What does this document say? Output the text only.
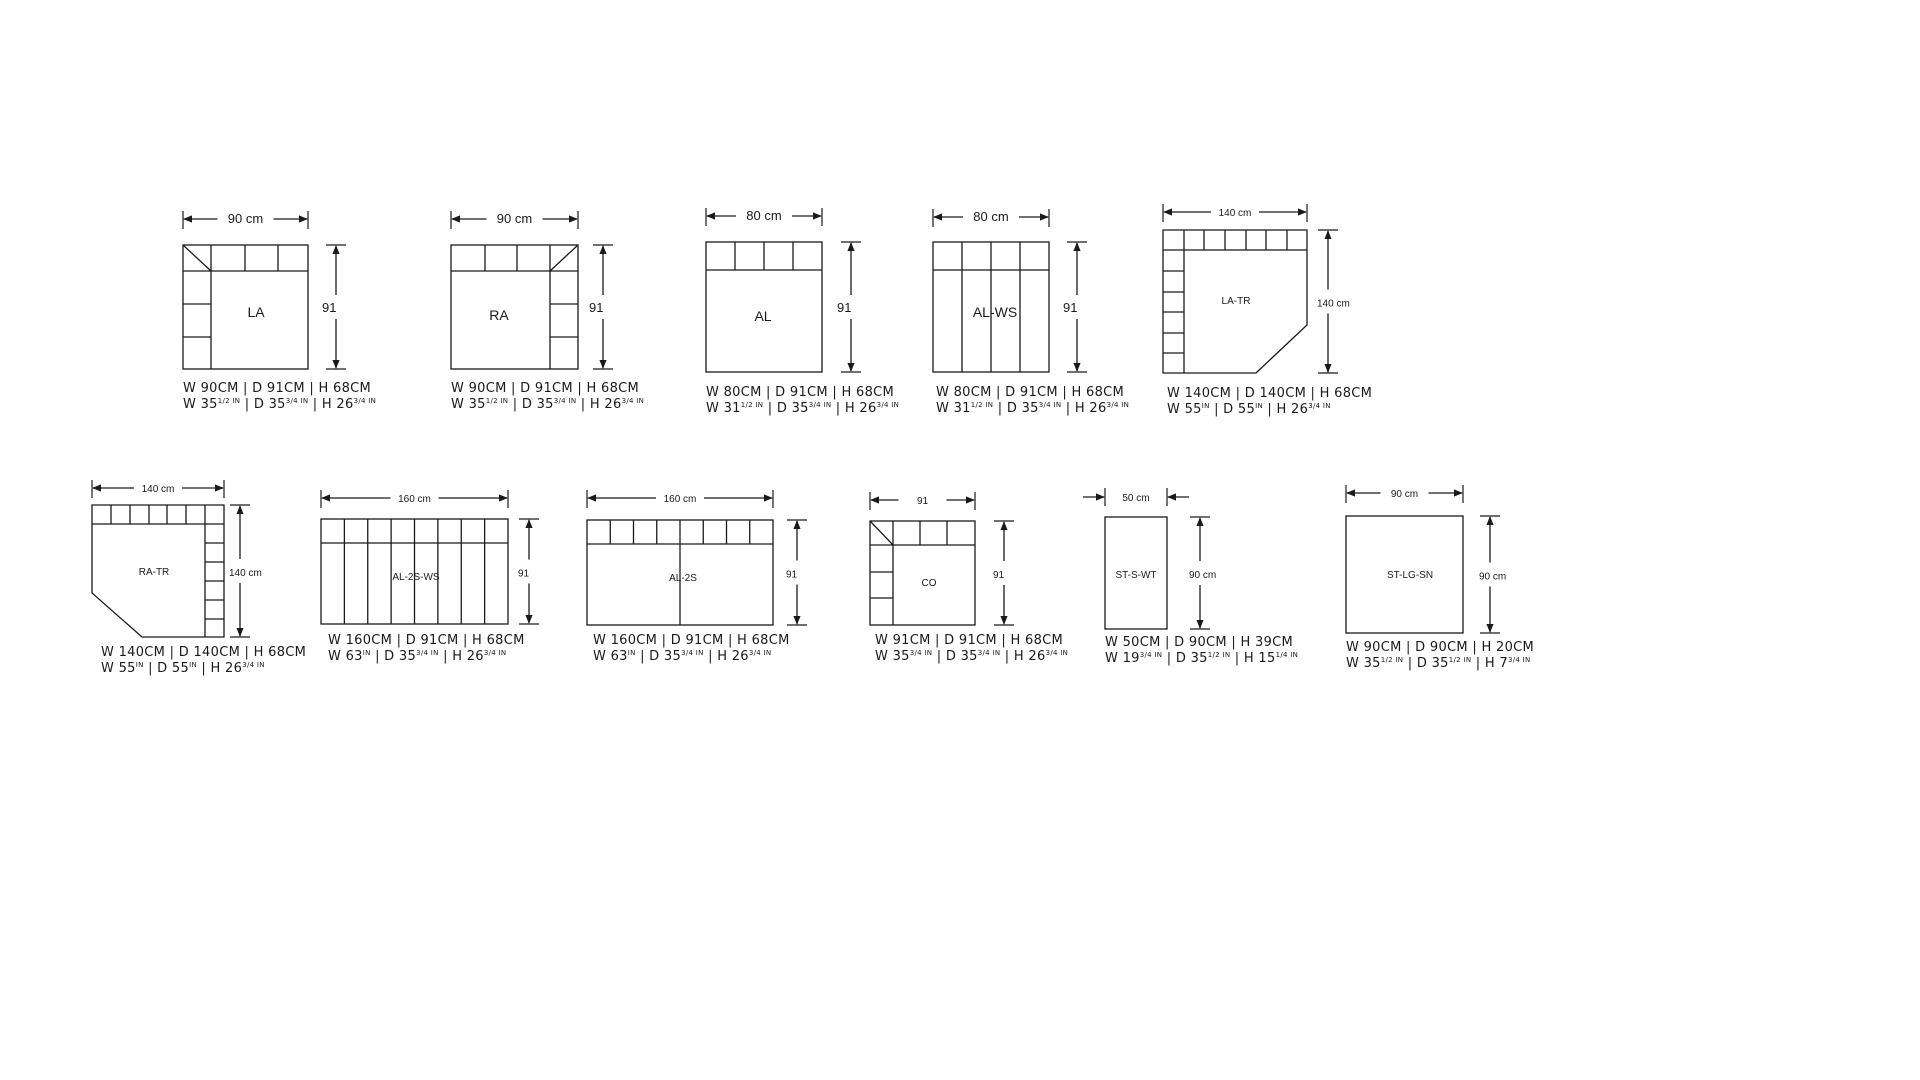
LA
90 cm
91
W 90CM | D 91CM | H 68CM
W $35^{1/2 IN}$ | D $35^{3/4 IN}$ | H $26^{3/4 IN}$
RA
90 cm
91
W 90CM | D 91CM | H 68CM
W $35^{1/2 IN}$ | D $35^{3/4 IN}$ | H $26^{3/4 IN}$
AL
80 cm
91
W 80CM | D 91CM | H 68CM
W $31^{1/2 IN}$ | D $35^{3/4 IN}$ | H $26^{3/4 IN}$
AL-WS
80 cm
91
W 80CM | D 91CM | H 68CM
W $31^{1/2 IN}$ | D $35^{3/4 IN}$ | H $26^{3/4 IN}$
LA-TR
140 cm
140 cm
W 140CM | D 140CM | H 68CM
W $55^{IN}$ | D $55^{IN}$ | H $26^{3/4 IN}$
RA-TR
140 cm
140 cm
W 140CM | D 140CM | H 68CM
W $55^{IN}$ | D $55^{IN}$ | H $26^{3/4 IN}$
AL-2S-WS
160 cm
91
W 160CM | D 91CM | H 68CM
W $63^{IN}$ | D $35^{3/4 IN}$ | H $26^{3/4 IN}$
AL-2S
160 cm
91
W 160CM | D 91CM | H 68CM
W $63^{IN}$ | D $35^{3/4 IN}$ | H $26^{3/4 IN}$
CO
91
91
W 91CM | D 91CM | H 68CM
W $35^{3/4 IN}$ | D $35^{3/4 IN}$ | H $26^{3/4 IN}$
ST-S-WT
50 cm
90 cm
W 50CM | D 90CM | H 39CM
W $19^{3/4 IN}$ | D $35^{1/2 IN}$ | H $15^{1/4 IN}$
ST-LG-SN
90 cm
90 cm
W 90CM | D 90CM | H 20CM
W $35^{1/2 IN}$ | D $35^{1/2 IN}$ | H $7^{3/4 IN}$
